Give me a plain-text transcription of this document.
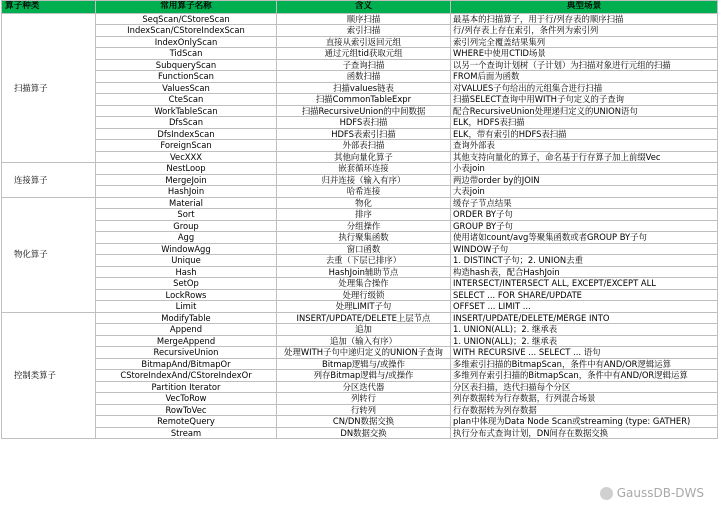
算子种类	常用算子名称	含义	典型场景
扫描算子	SeqScan/CStoreScan	顺序扫描	最基本的扫描算子，用于行/列存表的顺序扫描
	IndexScan/CStoreIndexScan	索引扫描	行/列存表上存在索引，条件列为索引列
	IndexOnlyScan	直接从索引返回元组	索引列完全覆盖结果集列
	TidScan	通过元组tid获取元组	WHERE中使用CTID场景
	SubqueryScan	子查询扫描	以另一个查询计划树（子计划）为扫描对象进行元组的扫描
	FunctionScan	函数扫描	FROM后面为函数
	ValuesScan	扫描values链表	对VALUES子句给出的元组集合进行扫描
	CteScan	扫描CommonTableExpr	扫描SELECT查询中用WITH子句定义的子查询
	WorkTableScan	扫描RecursiveUnion的中间数据	配合RecursiveUnion处理递归定义的UNION语句
	DfsScan	HDFS表扫描	ELK，HDFS表扫描
	DfsIndexScan	HDFS表索引扫描	ELK，带有索引的HDFS表扫描
	ForeignScan	外部表扫描	查询外部表
	VecXXX	其他向量化算子	其他支持向量化的算子，命名基于行存算子加上前缀Vec
连接算子	NestLoop	嵌套循环连接	小表join
	MergeJoin	归并连接（输入有序）	两边带order by的JOIN
	HashJoin	哈希连接	大表join
物化算子	Material	物化	缓存子节点结果
	Sort	排序	ORDER BY子句
	Group	分组操作	GROUP BY子句
	Agg	执行聚集函数	使用诸如count/avg等聚集函数或者GROUP BY子句
	WindowAgg	窗口函数	WINDOW子句
	Unique	去重（下层已排序）	1. DISTINCT子句；2. UNION去重
	Hash	HashJoin辅助节点	构造hash表，配合HashJoin
	SetOp	处理集合操作	INTERSECT/INTERSECT ALL, EXCEPT/EXCEPT ALL
	LockRows	处理行级锁	SELECT ... FOR SHARE/UPDATE
	Limit	处理LIMIT子句	OFFSET ... LIMIT ...
控制类算子	ModifyTable	INSERT/UPDATE/DELETE上层节点	INSERT/UPDATE/DELETE/MERGE INTO
	Append	追加	1. UNION(ALL)；2. 继承表
	MergeAppend	追加（输入有序）	1. UNION(ALL)；2. 继承表
	RecursiveUnion	处理WITH子句中递归定义的UNION子查询	WITH RECURSIVE ... SELECT ... 语句
	BitmapAnd/BitmapOr	Bitmap逻辑与/或操作	多维索引扫描的BitmapScan，条件中有AND/OR逻辑运算
	CStoreIndexAnd/CStoreIndexOr	列存Bitmap逻辑与/或操作	多维列存索引扫描的BitmapScan，条件中有AND/OR逻辑运算
	Partition Iterator	分区迭代器	分区表扫描，迭代扫描每个分区
	VecToRow	列转行	列存数据转为行存数据，行列混合场景
	RowToVec	行转列	行存数据转为列存数据
	RemoteQuery	CN/DN数据交换	plan中体现为Data Node Scan或streaming (type: GATHER)
	Stream	DN数据交换	执行分布式查询计划，DN间存在数据交换
GaussDB-DWS
